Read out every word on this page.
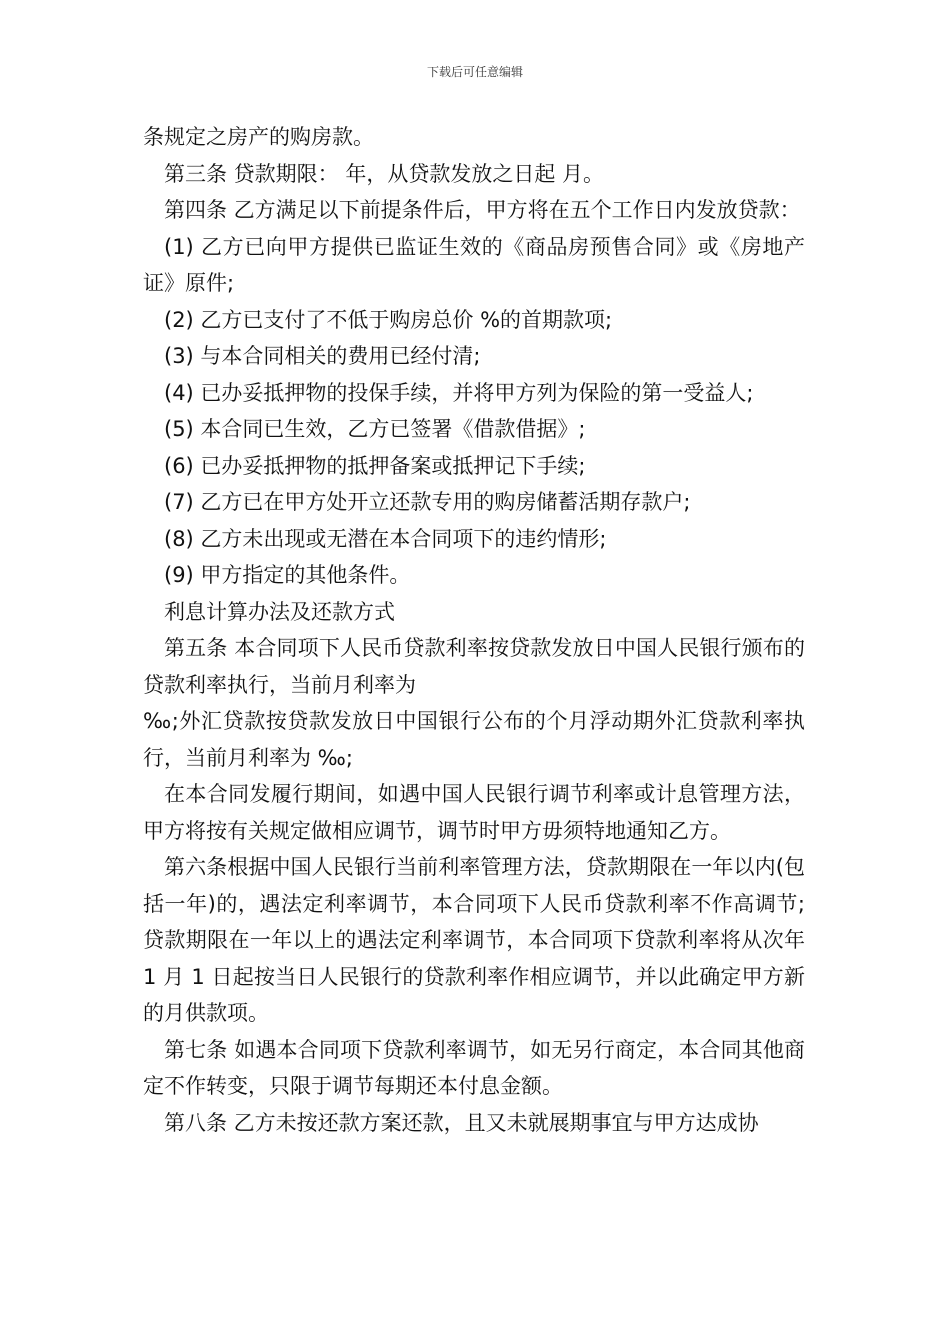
下载后可任意编辑

条规定之房产的购房款。

第三条 贷款期限： 年，从贷款发放之日起 月。

第四条 乙方满足以下前提条件后，甲方将在五个工作日内发放贷款：

(1) 乙方已向甲方提供已监证生效的《商品房预售合同》或《房地产证》原件;

(2) 乙方已支付了不低于购房总价 %的首期款项;

(3) 与本合同相关的费用已经付清;

(4) 已办妥抵押物的投保手续，并将甲方列为保险的第一受益人;

(5) 本合同已生效，乙方已签署《借款借据》;

(6) 已办妥抵押物的抵押备案或抵押记下手续;

(7) 乙方已在甲方处开立还款专用的购房储蓄活期存款户;

(8) 乙方未出现或无潜在本合同项下的违约情形;

(9) 甲方指定的其他条件。

利息计算办法及还款方式

第五条 本合同项下人民币贷款利率按贷款发放日中国人民银行颁布的贷款利率执行，当前月利率为

‰;外汇贷款按贷款发放日中国银行公布的个月浮动期外汇贷款利率执行，当前月利率为 ‰;

在本合同发履行期间，如遇中国人民银行调节利率或计息管理方法，甲方将按有关规定做相应调节，调节时甲方毋须特地通知乙方。

第六条根据中国人民银行当前利率管理方法，贷款期限在一年以内(包括一年)的，遇法定利率调节，本合同项下人民币贷款利率不作高调节;贷款期限在一年以上的遇法定利率调节，本合同项下贷款利率将从次年 1 月 1 日起按当日人民银行的贷款利率作相应调节，并以此确定甲方新的月供款项。

第七条 如遇本合同项下贷款利率调节，如无另行商定，本合同其他商定不作转变，只限于调节每期还本付息金额。

第八条 乙方未按还款方案还款，且又未就展期事宜与甲方达成协
